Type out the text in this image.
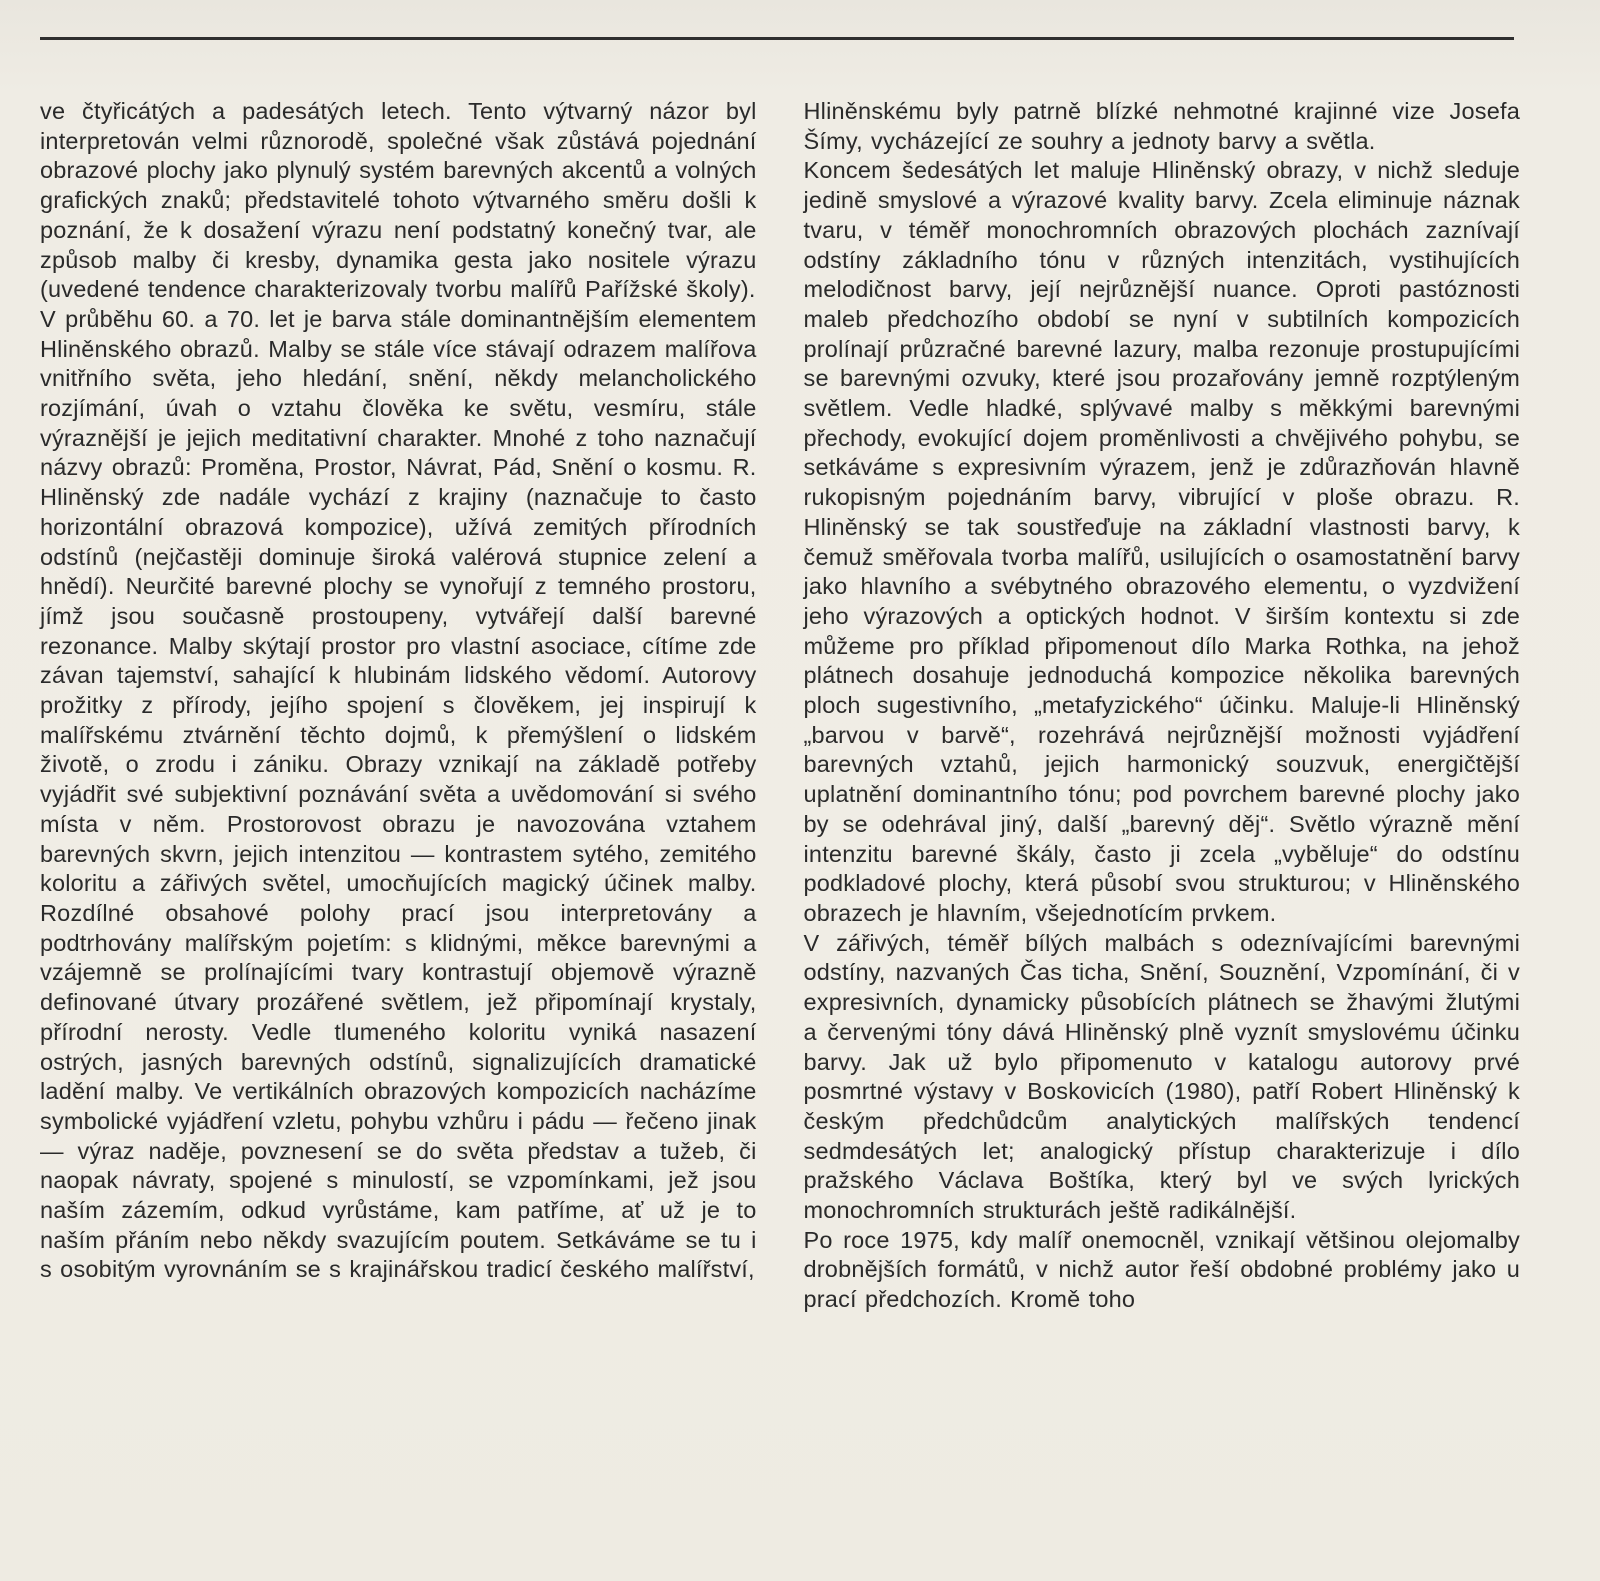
ve čtyřicátých a padesátých letech. Tento výtvarný názor byl interpretován velmi různorodě, společné však zůstává pojednání obrazové plochy jako plynulý systém barevných akcentů a volných grafických znaků; představitelé tohoto výtvarného směru došli k poznání, že k dosažení výrazu není podstatný konečný tvar, ale způsob malby či kresby, dynamika gesta jako nositele výrazu (uvedené tendence charakterizovaly tvorbu malířů Pařížské školy).

V průběhu 60. a 70. let je barva stále dominantnějším elementem Hliněnského obrazů. Malby se stále více stávají odrazem malířova vnitřního světa, jeho hledání, snění, někdy melancholického rozjímání, úvah o vztahu člověka ke světu, vesmíru, stále výraznější je jejich meditativní charakter. Mnohé z toho naznačují názvy obrazů: Proměna, Prostor, Návrat, Pád, Snění o kosmu. R. Hliněnský zde nadále vychází z krajiny (naznačuje to často horizontální obrazová kompozice), užívá zemitých přírodních odstínů (nejčastěji dominuje široká valérová stupnice zelení a hnědí). Neurčité barevné plochy se vynořují z temného prostoru, jímž jsou současně prostoupeny, vytvářejí další barevné rezonance. Malby skýtají prostor pro vlastní asociace, cítíme zde závan tajemství, sahající k hlubinám lidského vědomí. Autorovy prožitky z přírody, jejího spojení s člověkem, jej inspirují k malířskému ztvárnění těchto dojmů, k přemýšlení o lidském životě, o zrodu i zániku. Obrazy vznikají na základě potřeby vyjádřit své subjektivní poznávání světa a uvědomování si svého místa v něm. Prostorovost obrazu je navozována vztahem barevných skvrn, jejich intenzitou — kontrastem sytého, zemitého koloritu a zářivých světel, umocňujících magický účinek malby. Rozdílné obsahové polohy prací jsou interpretovány a podtrhovány malířským pojetím: s klidnými, měkce barevnými a vzájemně se prolínajícími tvary kontrastují objemově výrazně definované útvary prozářené světlem, jež připomínají krystaly, přírodní nerosty. Vedle tlumeného koloritu vyniká nasazení ostrých, jasných barevných odstínů, signalizujících dramatické ladění malby. Ve vertikálních obrazových kompozicích nacházíme symbolické vyjádření vzletu, pohybu vzhůru i pádu — řečeno jinak — výraz naděje, povznesení se do světa představ a tužeb, či naopak návraty, spojené s minulostí, se vzpomínkami, jež jsou naším zázemím, odkud vyrůstáme, kam patříme, ať už je to naším přáním nebo někdy svazujícím poutem. Setkáváme se tu i s osobitým vyrovnáním se s krajinářskou tradicí českého malířství,

Hliněnskému byly patrně blízké nehmotné krajinné vize Josefa Šímy, vycházející ze souhry a jednoty barvy a světla.

Koncem šedesátých let maluje Hliněnský obrazy, v nichž sleduje jedině smyslové a výrazové kvality barvy. Zcela eliminuje náznak tvaru, v téměř monochromních obrazových plochách zaznívají odstíny základního tónu v různých intenzitách, vystihujících melodičnost barvy, její nejrůznější nuance. Oproti pastóznosti maleb předchozího období se nyní v subtilních kompozicích prolínají průzračné barevné lazury, malba rezonuje prostupujícími se barevnými ozvuky, které jsou prozařovány jemně rozptýleným světlem. Vedle hladké, splývavé malby s měkkými barevnými přechody, evokující dojem proměnlivosti a chvějivého pohybu, se setkáváme s expresivním výrazem, jenž je zdůrazňován hlavně rukopisným pojednáním barvy, vibrující v ploše obrazu. R. Hliněnský se tak soustřeďuje na základní vlastnosti barvy, k čemuž směřovala tvorba malířů, usilujících o osamostatnění barvy jako hlavního a svébytného obrazového elementu, o vyzdvižení jeho výrazových a optických hodnot. V širším kontextu si zde můžeme pro příklad připomenout dílo Marka Rothka, na jehož plátnech dosahuje jednoduchá kompozice několika barevných ploch sugestivního, „metafyzického“ účinku. Maluje-li Hliněnský „barvou v barvě“, rozehrává nejrůznější možnosti vyjádření barevných vztahů, jejich harmonický souzvuk, energičtější uplatnění dominantního tónu; pod povrchem barevné plochy jako by se odehrával jiný, další „barevný děj“. Světlo výrazně mění intenzitu barevné škály, často ji zcela „vyběluje“ do odstínu podkladové plochy, která působí svou strukturou; v Hliněnského obrazech je hlavním, všejednotícím prvkem.

V zářivých, téměř bílých malbách s odeznívajícími barevnými odstíny, nazvaných Čas ticha, Snění, Souznění, Vzpomínání, či v expresivních, dynamicky působících plátnech se žhavými žlutými a červenými tóny dává Hliněnský plně vyznít smyslovému účinku barvy. Jak už bylo připomenuto v katalogu autorovy prvé posmrtné výstavy v Boskovicích (1980), patří Robert Hliněnský k českým předchůdcům analytických malířských tendencí sedmdesátých let; analogický přístup charakterizuje i dílo pražského Václava Boštíka, který byl ve svých lyrických monochromních strukturách ještě radikálnější.

Po roce 1975, kdy malíř onemocněl, vznikají většinou olejomalby drobnějších formátů, v nichž autor řeší obdobné problémy jako u prací předchozích. Kromě toho
